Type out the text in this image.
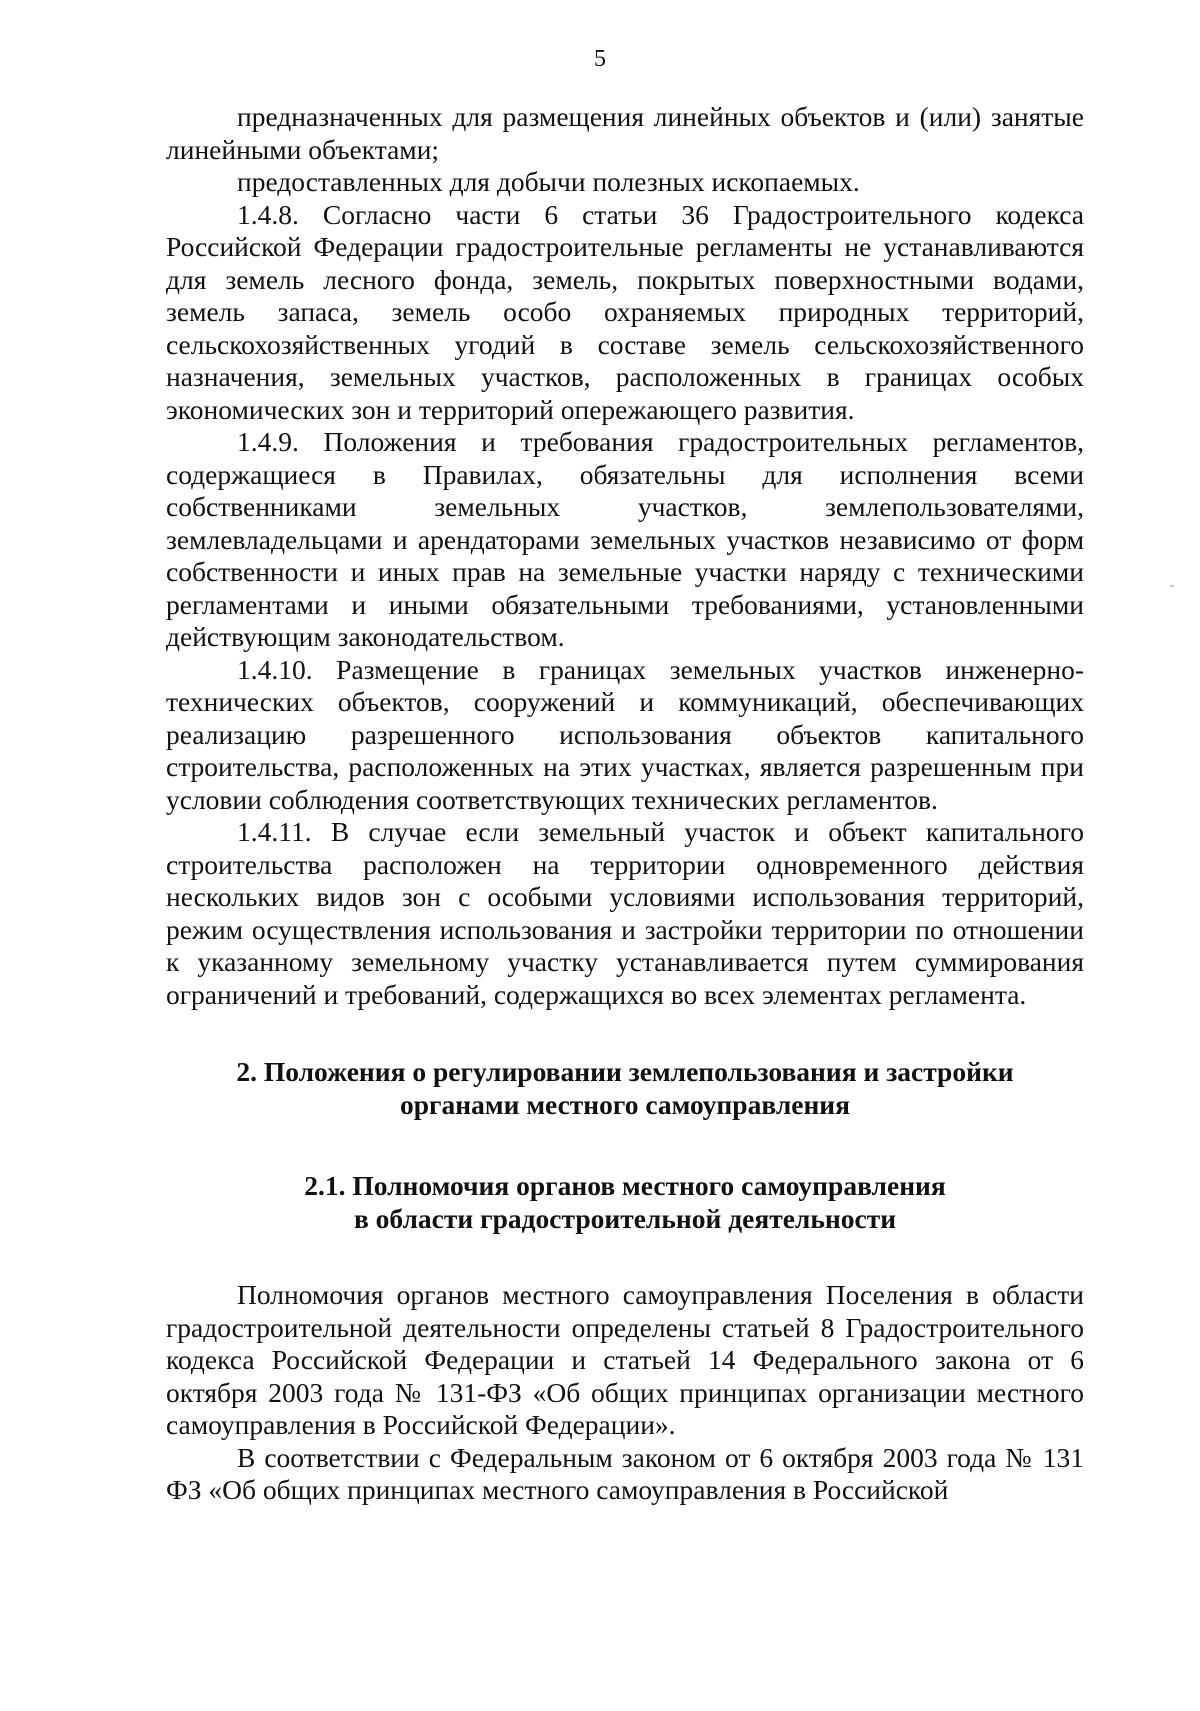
5

предназначенных для размещения линейных объектов и (или) занятые линейными объектами;

предоставленных для добычи полезных ископаемых.

1.4.8. Согласно части 6 статьи 36 Градостроительного кодекса Российской Федерации градостроительные регламенты не устанавливаются для земель лесного фонда, земель, покрытых поверхностными водами, земель запаса, земель особо охраняемых природных территорий, сельскохозяйственных угодий в составе земель сельскохозяйственного назначения, земельных участков, расположенных в границах особых экономических зон и территорий опережающего развития.

1.4.9. Положения и требования градостроительных регламентов, содержащиеся в Правилах, обязательны для исполнения всеми собственниками земельных участков, землепользователями, землевладельцами и арендаторами земельных участков независимо от форм собственности и иных прав на земельные участки наряду с техническими регламентами и иными обязательными требованиями, установленными действующим законодательством.

1.4.10. Размещение в границах земельных участков инженерно-технических объектов, сооружений и коммуникаций, обеспечивающих реализацию разрешенного использования объектов капитального строительства, расположенных на этих участках, является разрешенным при условии соблюдения соответствующих технических регламентов.

1.4.11. В случае если земельный участок и объект капитального строительства расположен на территории одновременного действия нескольких видов зон с особыми условиями использования территорий, режим осуществления использования и застройки территории по отношении к указанному земельному участку устанавливается путем суммирования ограничений и требований, содержащихся во всех элементах регламента.

2. Положения о регулировании землепользования и застройки
органами местного самоуправления
2.1. Полномочия органов местного самоуправления
в области градостроительной деятельности

Полномочия органов местного самоуправления Поселения в области градостроительной деятельности определены статьей 8 Градостроительного кодекса Российской Федерации и статьей 14 Федерального закона от 6 октября 2003 года № 131-ФЗ «Об общих принципах организации местного самоуправления в Российской Федерации».

В соответствии с Федеральным законом от 6 октября 2003 года № 131 ФЗ «Об общих принципах местного самоуправления в Российской
